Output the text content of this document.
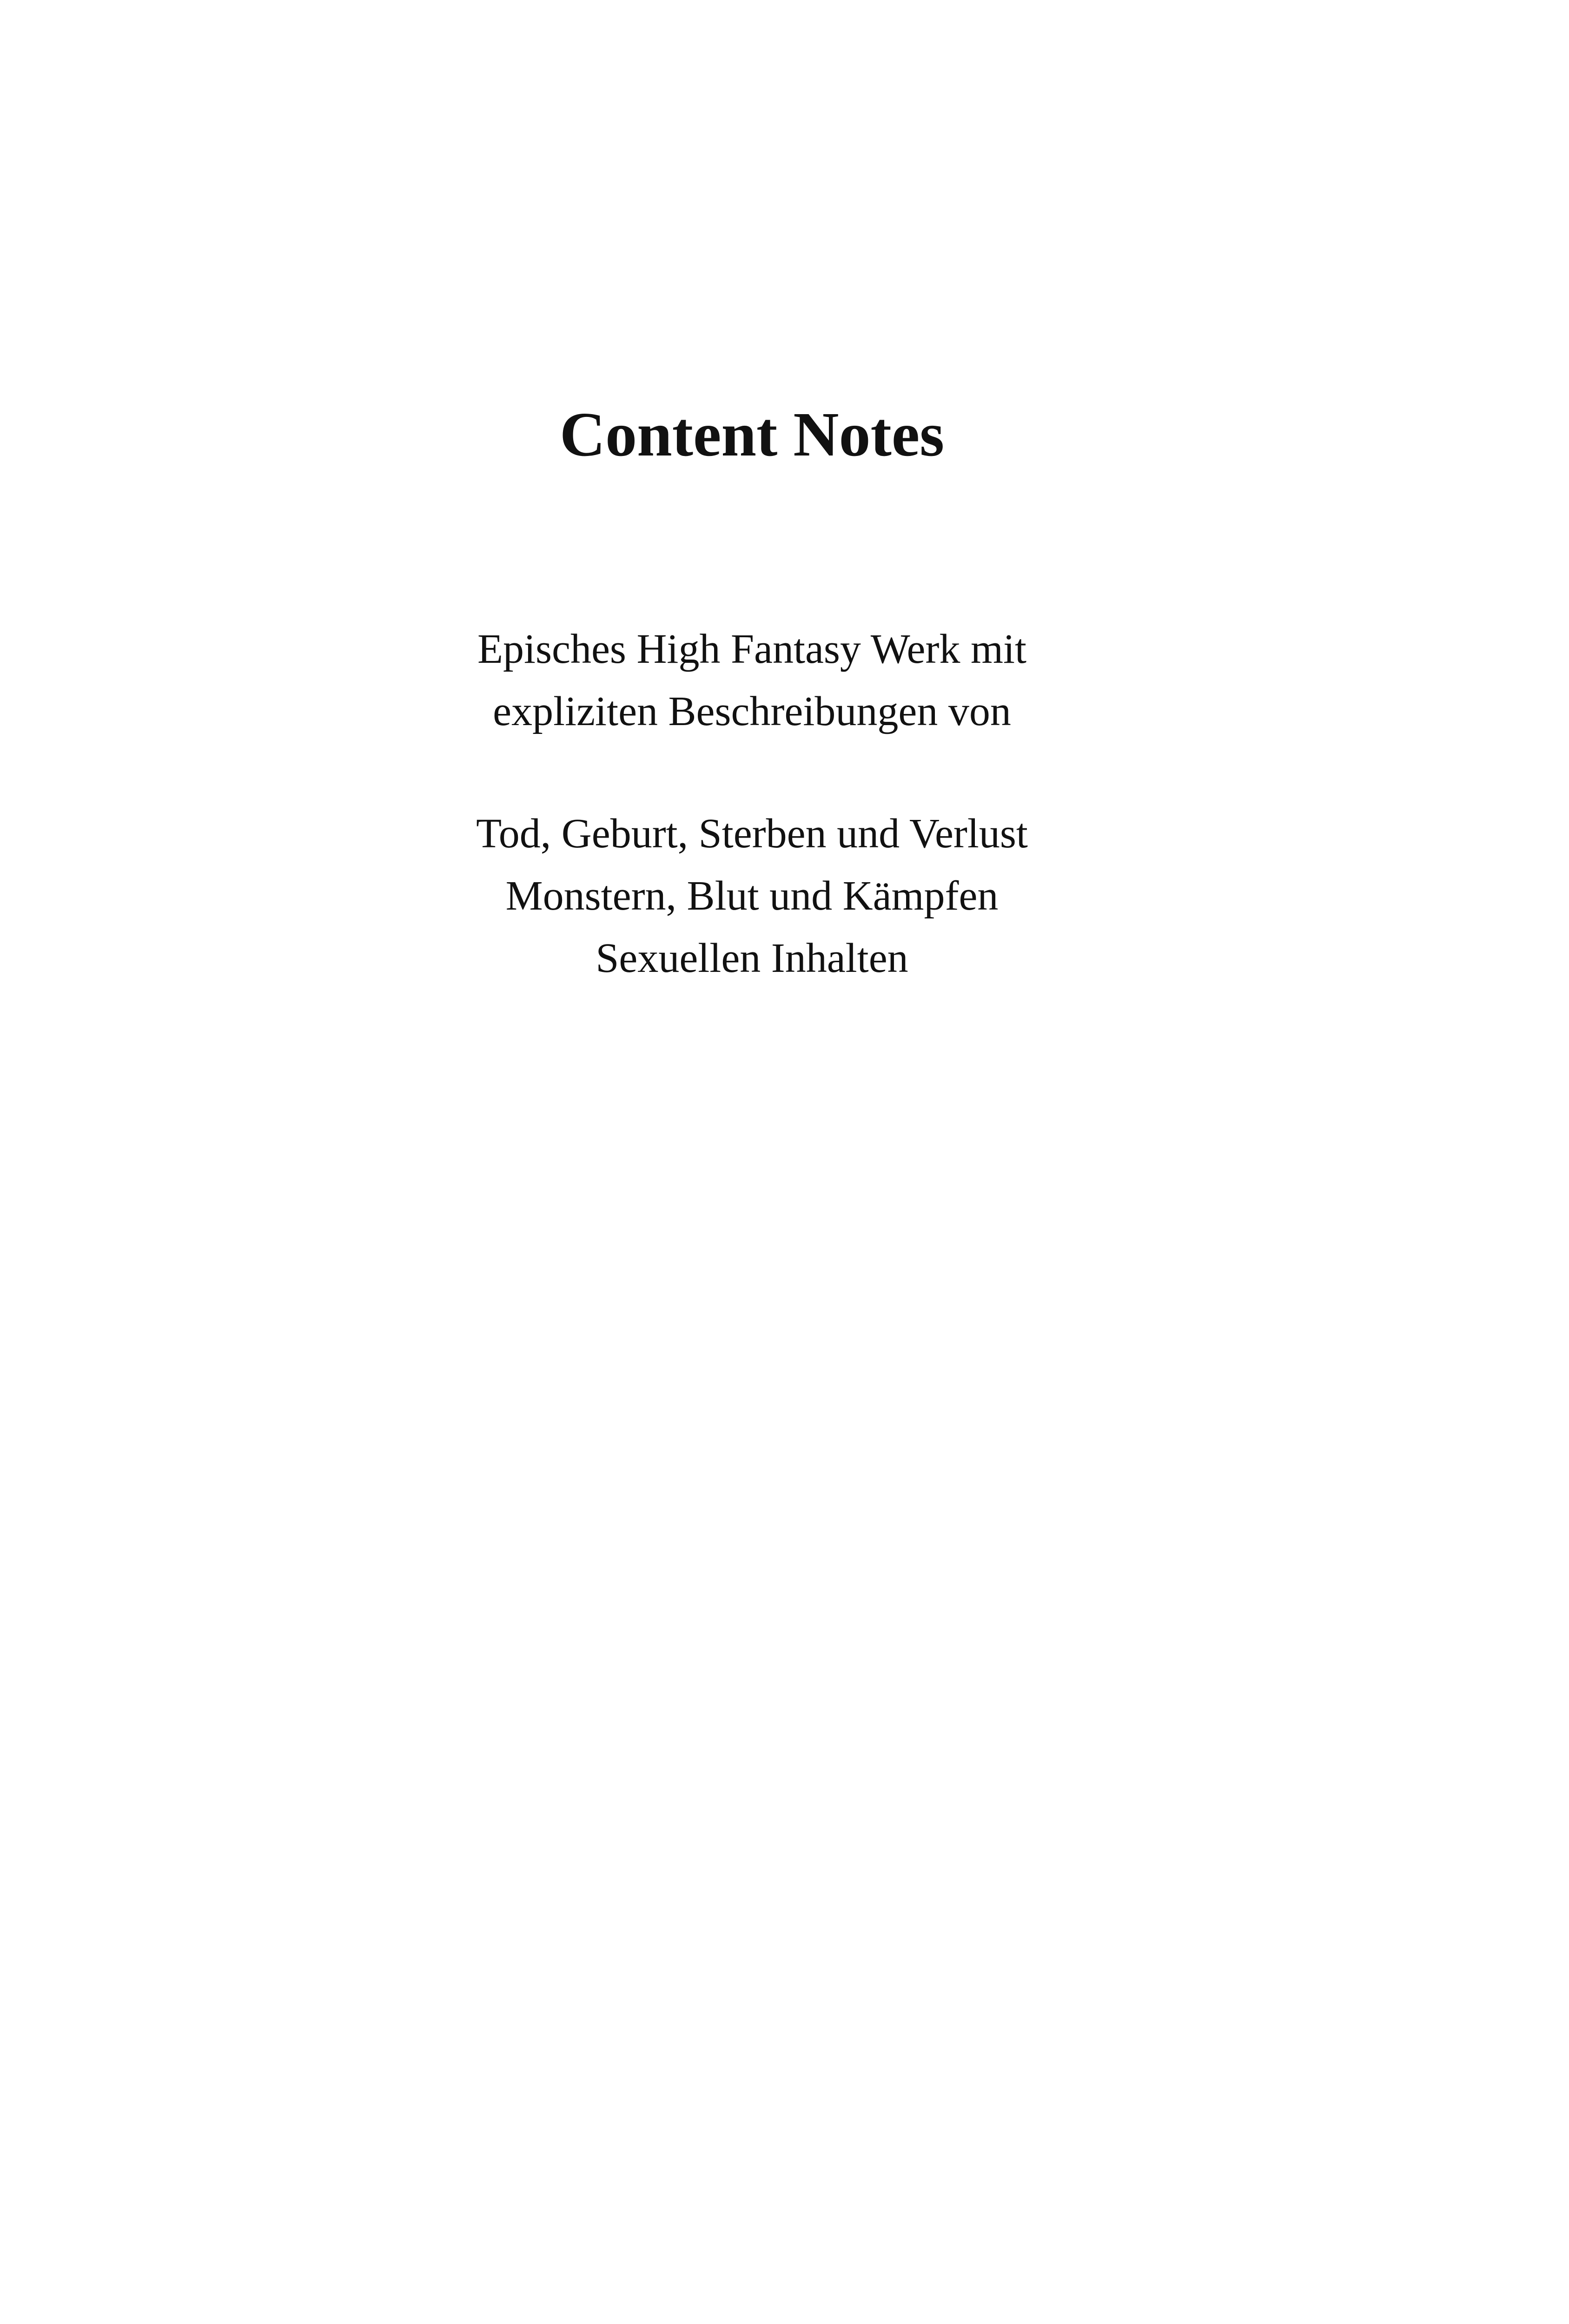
Content Notes
Episches High Fantasy Werk mit
expliziten Beschreibungen von
Tod, Geburt, Sterben und Verlust
Monstern, Blut und Kämpfen
Sexuellen Inhalten
